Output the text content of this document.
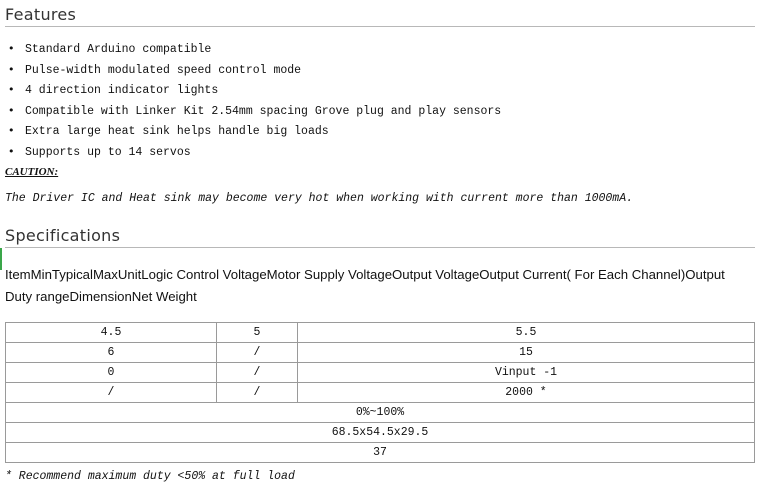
Features
• Standard Arduino compatible
• Pulse-width modulated speed control mode
• 4 direction indicator lights
• Compatible with Linker Kit 2.54mm spacing Grove plug and play sensors
• Extra large heat sink helps handle big loads
• Supports up to 14 servos
CAUTION:
The Driver IC and Heat sink may become very hot when working with current more than 1000mA.
Specifications

ItemMinTypicalMaxUnitLogic Control VoltageMotor Supply VoltageOutput VoltageOutput Current( For Each Channel)Output Duty rangeDimensionNet Weight

4.5	5	5.5
6	/	15
0	/	Vinput -1
/	/	2000 *
0%~100%		
68.5x54.5x29.5		
37		
* Recommend maximum duty <50% at full load
